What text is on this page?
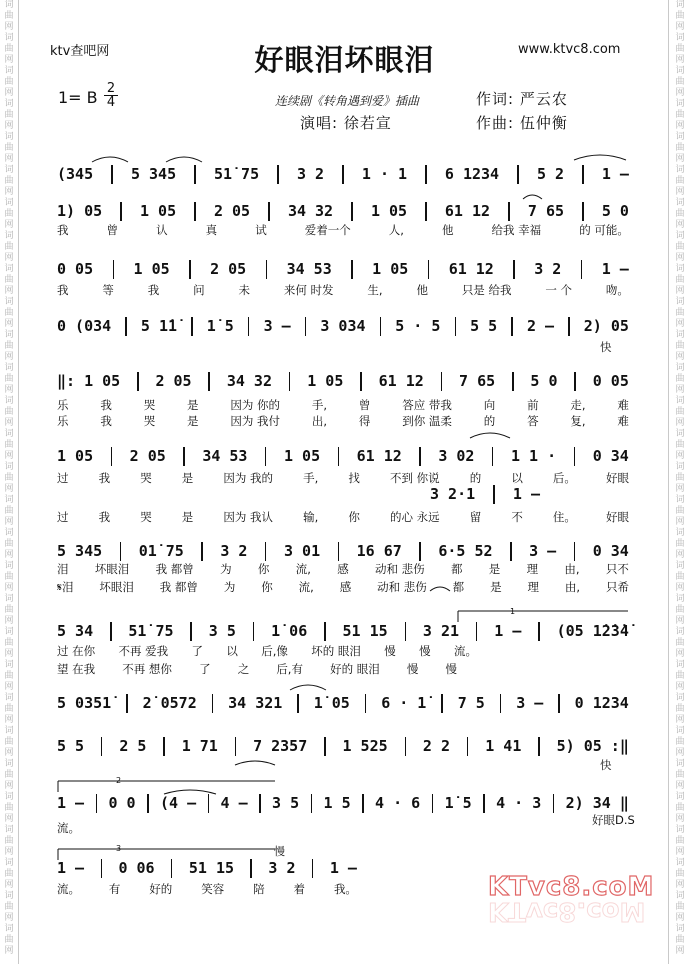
词
曲
网
词
曲
网
词
曲
网
词
曲
网
词
曲
网
词
曲
网
词
曲
网
词
曲
网
词
曲
网
词
曲
网
词
曲
网
词
曲
网
词
曲
网
词
曲
网
词
曲
网
词
曲
网
词
曲
网
词
曲
网
词
曲
网
词
曲
网
词
曲
网
词
曲
网
词
曲
网
词
曲
网
词
曲
网
词
曲
网
词
曲
网
词
曲
网
词
曲
网
词
曲
网
词
曲
网
词
曲
网
词
曲
网
词
曲
网
词
曲
网
词
曲
网
词
曲
网
词
曲
网
词
曲
网
词
曲
网
词
曲
网
词
曲
网
词
曲
网
词
曲
网
词
曲
网
词
曲
网
词
曲
网
词
曲
网
词
曲
网
词
曲
网
词
曲
网
词
曲
网
词
曲
网
词
曲
网
词
曲
网
词
曲
网
词
曲
网
词
曲
网
ktv查吧网	好眼泪坏眼泪	www.ktvc8.com
1= B 2
4	连续剧《转角遇到爱》插曲	作词: 严云农
演唱: 徐若宣	作曲: 伍仲衡
(345	5 345	51̇ 75	3 2	1 · 1	6 1234	5 2	1 –
1) 05	1 05	2 05	34 32	1 05	61 12	7 65	5 0
0 05	1 05	2 05	34 53	1 05	61 12	3 2	1 –
0 (034 5 1̇1̇ 1̇ 5 3 – 3 034 5 · 5 5 5 2 – 2) 05
‖: 1 05 2 05 34 32 1 05 61 12 7 65 5 0 0 05
1 05 2 05 34 53 1 05 61 12 3 02 1 1 · 0 34
3 2·1	1 –
5 345 01̇ 75 3 2 3 01 16 67 6·5 52 3 – 0 34
5 34 51̇ 75 3 5 1̇ 06 51 15 3 21 1 – (05 1̇2̇3̇4̇
5 0351̇ 2̇ 0572 34 321 1̇ 05 6 · 1̇ 7 5 3 – 0 1234
5 5 2 5 1 71 7 2357 1 525 2 2 1 41 5) 05 :‖
1 – 0 0 (4 – 4 – 3 5 1 5 4 · 6 1̇ 5 4 · 3 2) 34 ‖
1 – 0 06 51 15 3 2 1 –
我	曾	认	真	试	爱着一个	人,	他	给我 幸福	的 可能。
我	等	我	问	未	来何 时发	生,	他	只是 给我	一 个	吻。
快
乐	我	哭	是	因为 你的	手,	曾	答应 带我	向	前	走,	难
乐	我	哭	是	因为 我付	出,	得	到你 温柔	的	答	复,	难
过	我	哭	是	因为 我的	手,	找	不到 你说	的	以	后。	好眼
过	我	哭	是	因为 我认	输,	你	的心 永远	留	不	住。	好眼
泪 坏眼泪 我 都曾 为 你 流, 感 动和 悲伤 都 是 理 由, 只不
𝄋泪 坏眼泪 我 都曾 为 你 流, 感 动和 悲伤 都 是 理 由, 只希
过 在你 不再 爱我 了 以 后,像 坏的 眼泪 慢 慢 流。
望 在我 不再 想你 了 之 后,有 好的 眼泪 慢 慢
快
流。
好眼D.S
流。	有	好的	笑容	陪	着	我。
1
2
3	慢
KTvc8.coM
KTvc8.coM
